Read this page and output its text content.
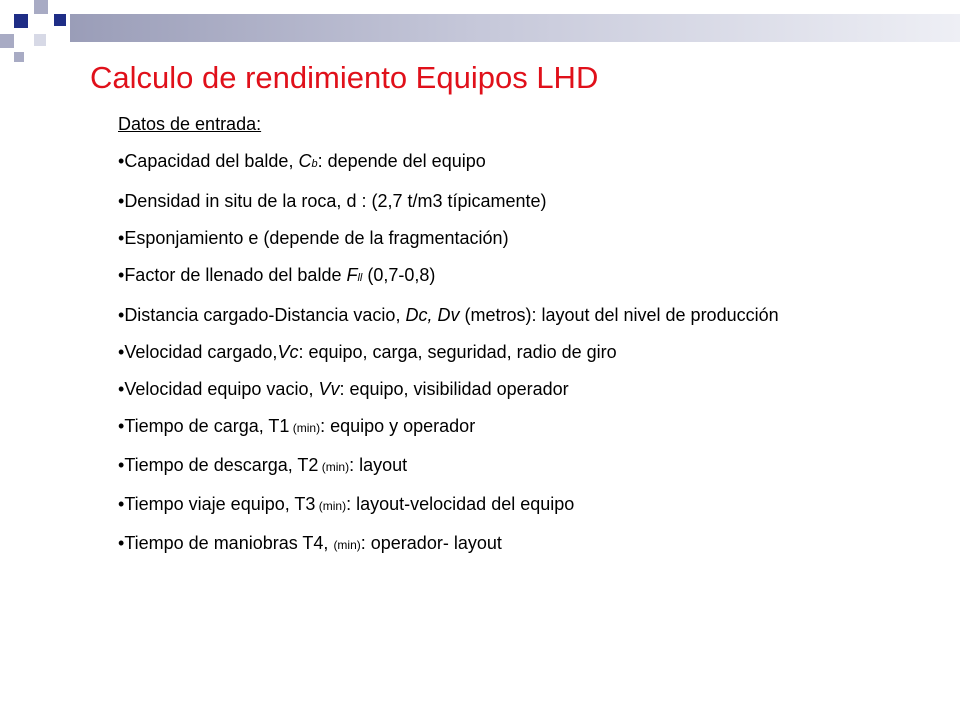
Calculo de rendimiento Equipos LHD
Datos de entrada:
•Capacidad del balde, Cb: depende del equipo
•Densidad in situ de la roca, d : (2,7 t/m3 típicamente)
•Esponjamiento e (depende de la fragmentación)
•Factor de llenado del balde Fll (0,7-0,8)
•Distancia cargado-Distancia vacio, Dc, Dv (metros): layout del nivel de producción
•Velocidad cargado,Vc: equipo, carga, seguridad, radio de giro
•Velocidad equipo vacio, Vv: equipo, visibilidad operador
•Tiempo de carga, T1 (min): equipo y operador
•Tiempo de descarga, T2 (min): layout
•Tiempo viaje equipo, T3 (min): layout-velocidad del equipo
•Tiempo de maniobras T4, (min): operador- layout
